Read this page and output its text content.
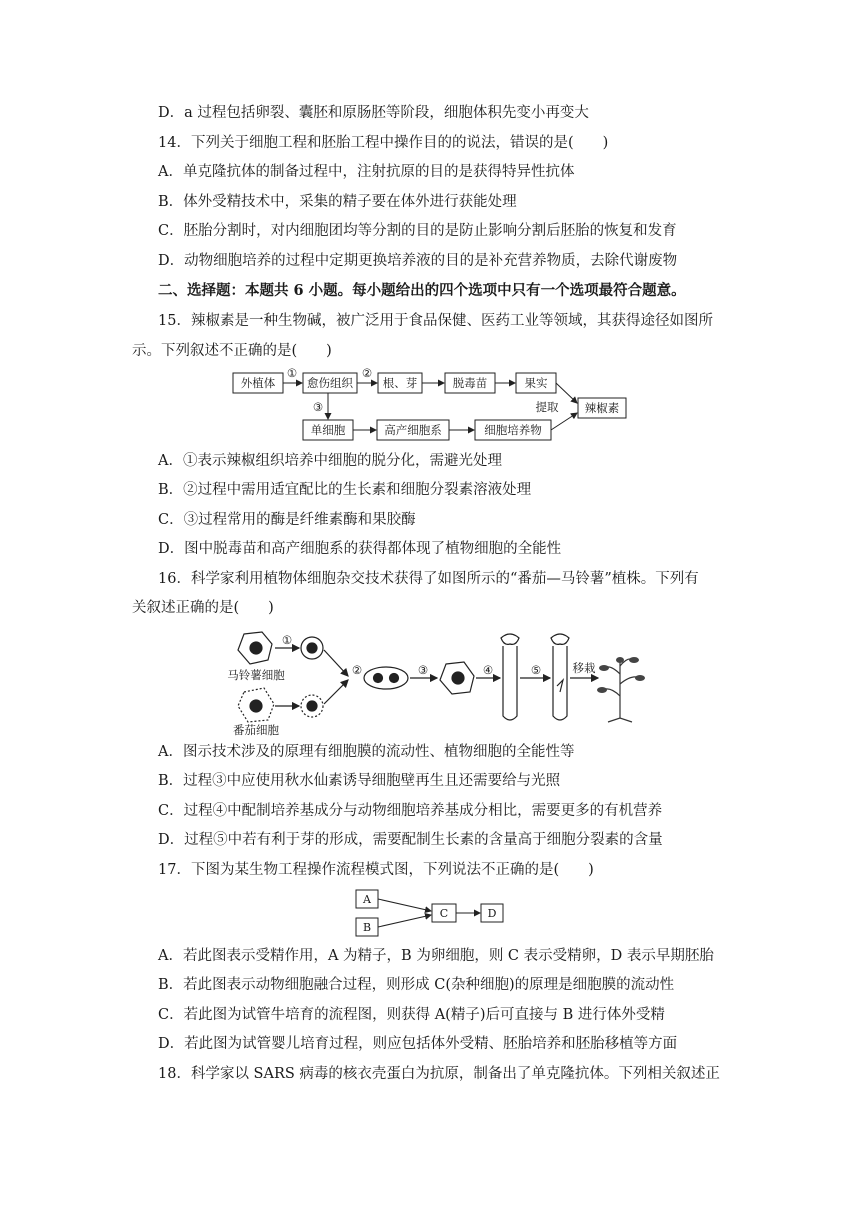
D．a 过程包括卵裂、囊胚和原肠胚等阶段，细胞体积先变小再变大
14．下列关于细胞工程和胚胎工程中操作目的的说法，错误的是(　　)
A．单克隆抗体的制备过程中，注射抗原的目的是获得特异性抗体
B．体外受精技术中，采集的精子要在体外进行获能处理
C．胚胎分割时，对内细胞团均等分割的目的是防止影响分割后胚胎的恢复和发育
D．动物细胞培养的过程中定期更换培养液的目的是补充营养物质，去除代谢废物
二、选择题：本题共 6 小题。每小题给出的四个选项中只有一个选项最符合题意。
15．辣椒素是一种生物碱，被广泛用于食品保健、医药工业等领域，其获得途径如图所
示。下列叙述不正确的是(　　)
外植体	愈伤组织	根、芽	脱毒苗	果实
辣椒素
单细胞	高产细胞系	细胞培养物
提取
①	②
③
A．①表示辣椒组织培养中细胞的脱分化，需避光处理
B．②过程中需用适宜配比的生长素和细胞分裂素溶液处理
C．③过程常用的酶是纤维素酶和果胶酶
D．图中脱毒苗和高产细胞系的获得都体现了植物细胞的全能性
16．科学家利用植物体细胞杂交技术获得了如图所示的“番茄—马铃薯”植株。下列有
关叙述正确的是(　　)
马铃薯细胞
番茄细胞
①
②	③	④	⑤	移栽
A．图示技术涉及的原理有细胞膜的流动性、植物细胞的全能性等
B．过程③中应使用秋水仙素诱导细胞壁再生且还需要给与光照
C．过程④中配制培养基成分与动物细胞培养基成分相比，需要更多的有机营养
D．过程⑤中若有利于芽的形成，需要配制生长素的含量高于细胞分裂素的含量
17．下图为某生物工程操作流程模式图，下列说法不正确的是(　　)
A
B
C	D
A．若此图表示受精作用，A 为精子，B 为卵细胞，则 C 表示受精卵，D 表示早期胚胎
B．若此图表示动物细胞融合过程，则形成 C(杂种细胞)的原理是细胞膜的流动性
C．若此图为试管牛培育的流程图，则获得 A(精子)后可直接与 B 进行体外受精
D．若此图为试管婴儿培育过程，则应包括体外受精、胚胎培养和胚胎移植等方面
18．科学家以 SARS 病毒的核衣壳蛋白为抗原，制备出了单克隆抗体。下列相关叙述正
